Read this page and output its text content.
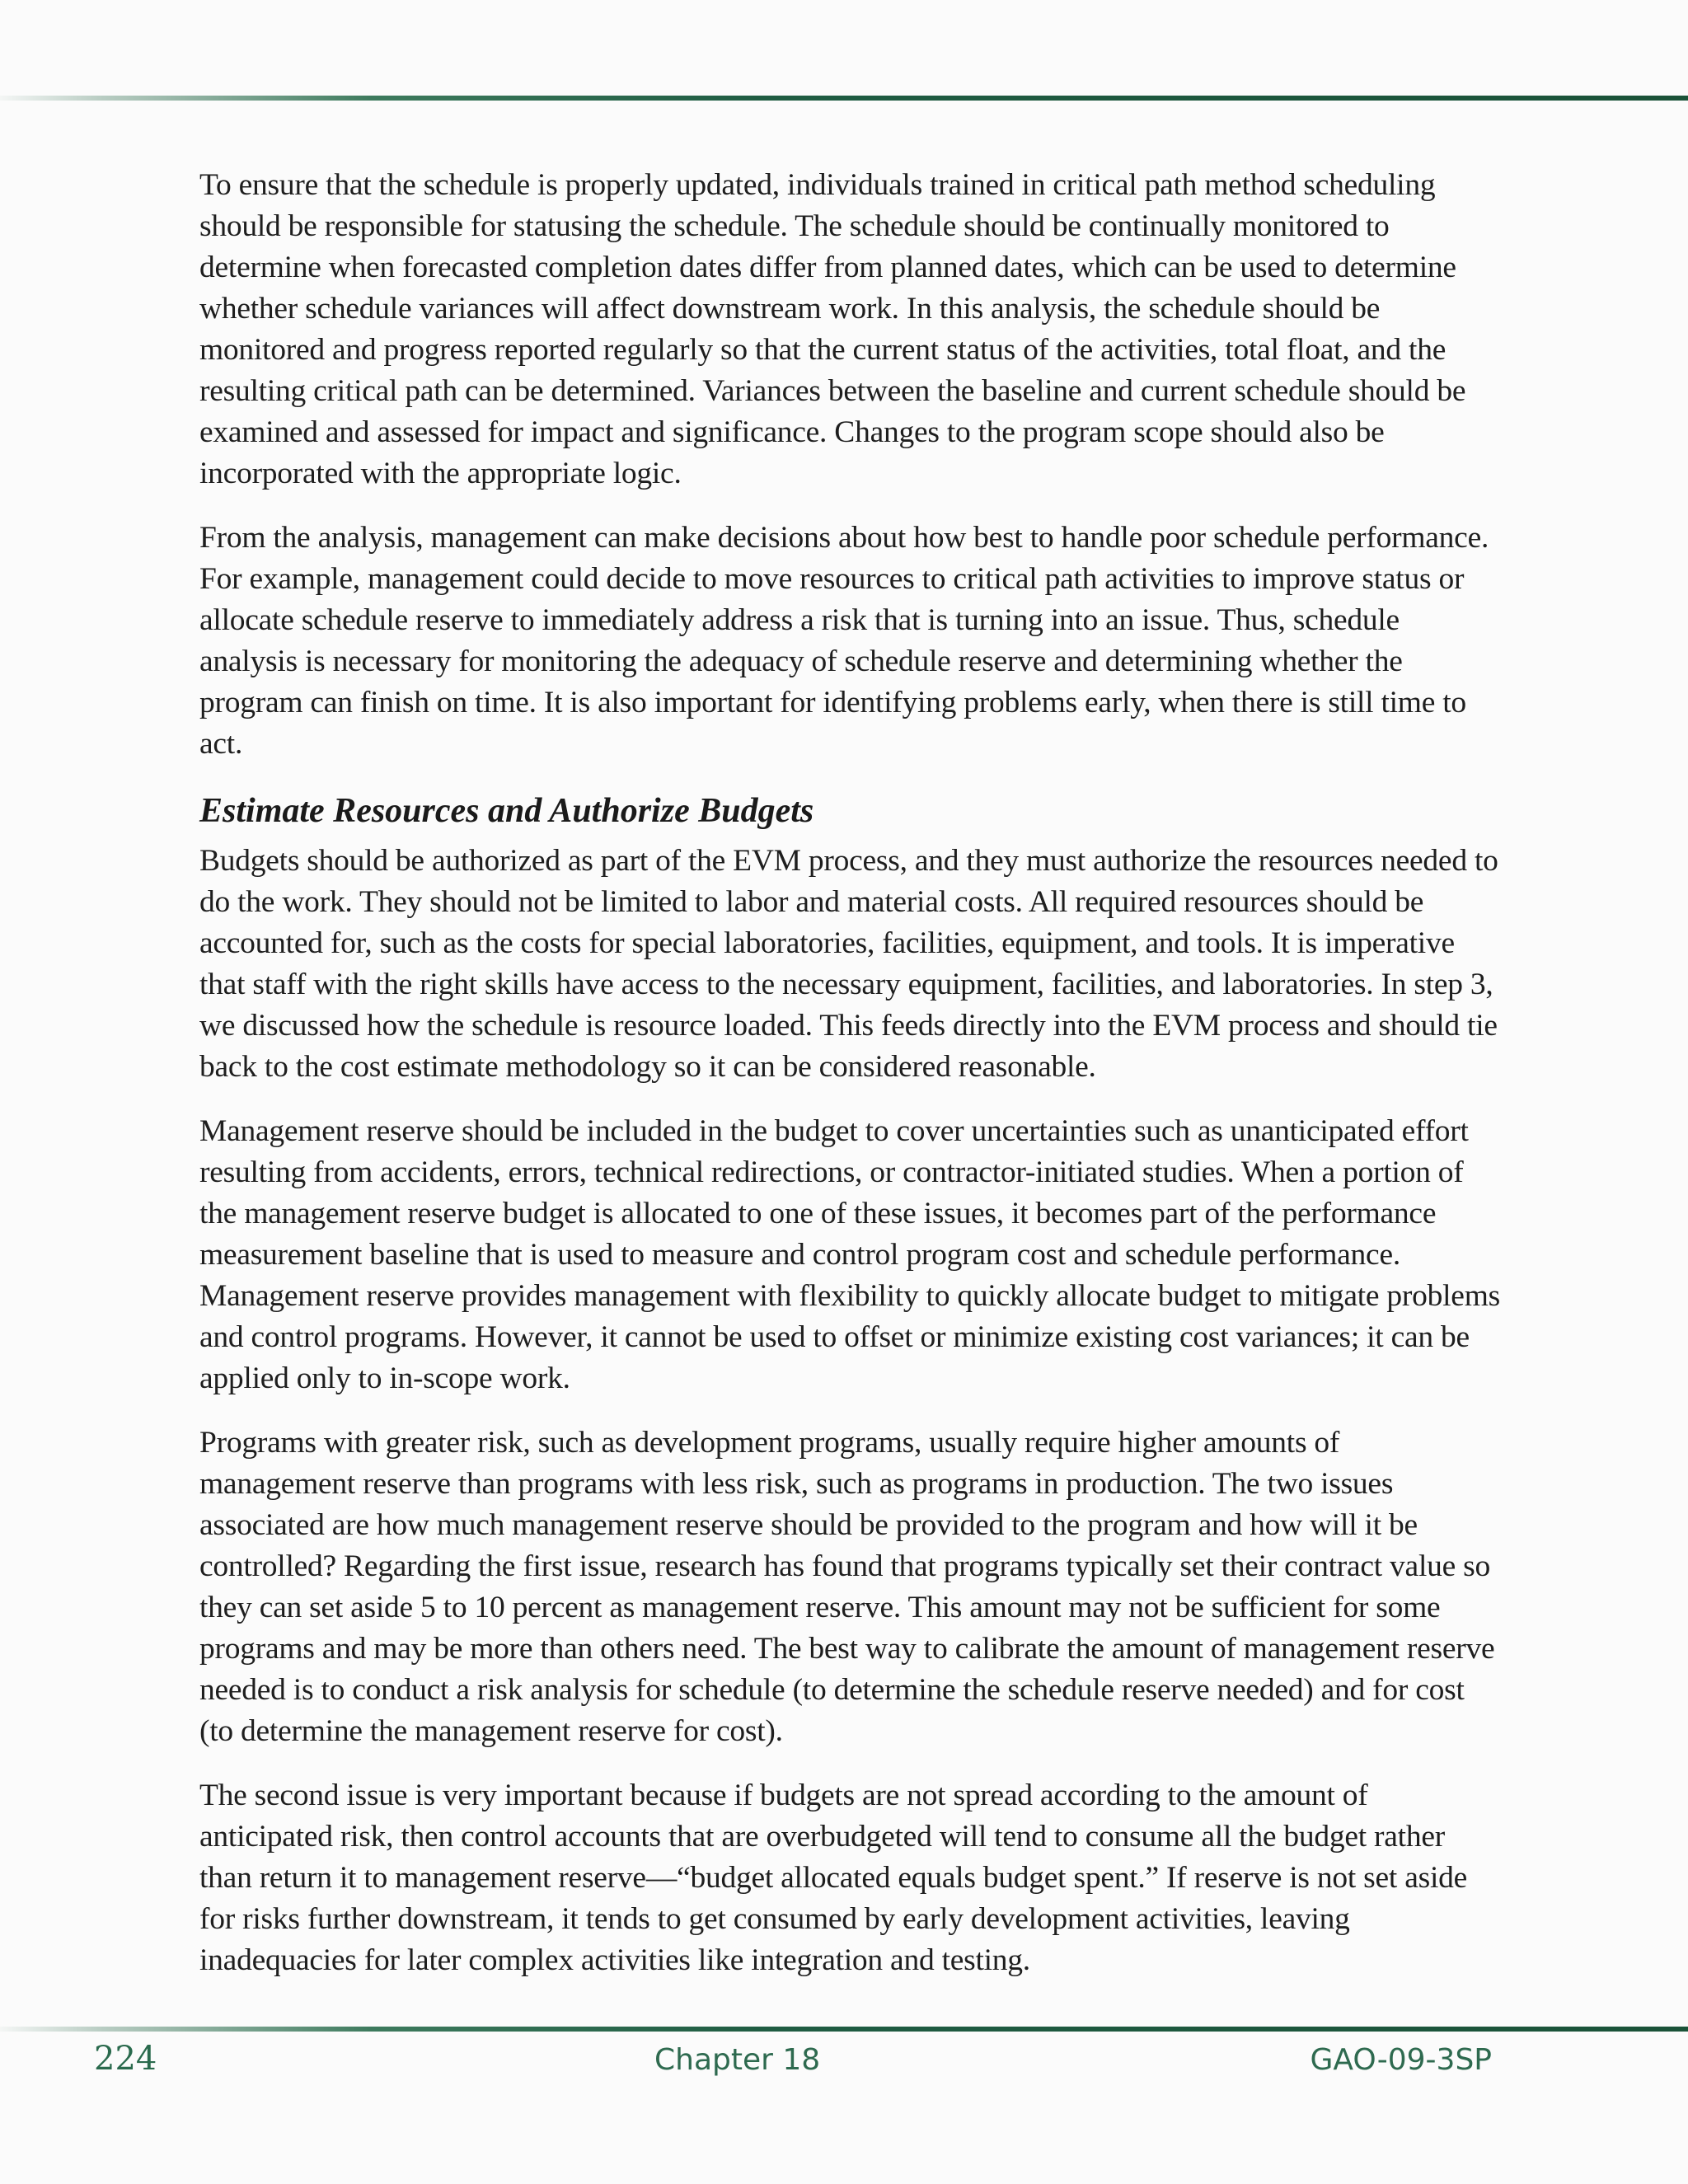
To ensure that the schedule is properly updated, individuals trained in critical path method scheduling should be responsible for statusing the schedule. The schedule should be continually monitored to determine when forecasted completion dates differ from planned dates, which can be used to determine whether schedule variances will affect downstream work. In this analysis, the schedule should be monitored and progress reported regularly so that the current status of the activities, total float, and the resulting critical path can be determined. Variances between the baseline and current schedule should be examined and assessed for impact and significance. Changes to the program scope should also be incorporated with the appropriate logic.

From the analysis, management can make decisions about how best to handle poor schedule performance. For example, management could decide to move resources to critical path activities to improve status or allocate schedule reserve to immediately address a risk that is turning into an issue. Thus, schedule analysis is necessary for monitoring the adequacy of schedule reserve and determining whether the program can finish on time. It is also important for identifying problems early, when there is still time to act.

Estimate Resources and Authorize Budgets

Budgets should be authorized as part of the EVM process, and they must authorize the resources needed to do the work. They should not be limited to labor and material costs. All required resources should be accounted for, such as the costs for special laboratories, facilities, equipment, and tools. It is imperative that staff with the right skills have access to the necessary equipment, facilities, and laboratories. In step 3, we discussed how the schedule is resource loaded. This feeds directly into the EVM process and should tie back to the cost estimate methodology so it can be considered reasonable.

Management reserve should be included in the budget to cover uncertainties such as unanticipated effort resulting from accidents, errors, technical redirections, or contractor-initiated studies. When a portion of the management reserve budget is allocated to one of these issues, it becomes part of the performance measurement baseline that is used to measure and control program cost and schedule performance. Management reserve provides management with flexibility to quickly allocate budget to mitigate problems and control programs. However, it cannot be used to offset or minimize existing cost variances; it can be applied only to in-scope work.

Programs with greater risk, such as development programs, usually require higher amounts of management reserve than programs with less risk, such as programs in production. The two issues associated are how much management reserve should be provided to the program and how will it be controlled? Regarding the first issue, research has found that programs typically set their contract value so they can set aside 5 to 10 percent as management reserve. This amount may not be sufficient for some programs and may be more than others need. The best way to calibrate the amount of management reserve needed is to conduct a risk analysis for schedule (to determine the schedule reserve needed) and for cost (to determine the management reserve for cost).

The second issue is very important because if budgets are not spread according to the amount of anticipated risk, then control accounts that are overbudgeted will tend to consume all the budget rather than return it to management reserve—“budget allocated equals budget spent.” If reserve is not set aside for risks further downstream, it tends to get consumed by early development activities, leaving inadequacies for later complex activities like integration and testing.

224	Chapter 18	GAO-09-3SP
